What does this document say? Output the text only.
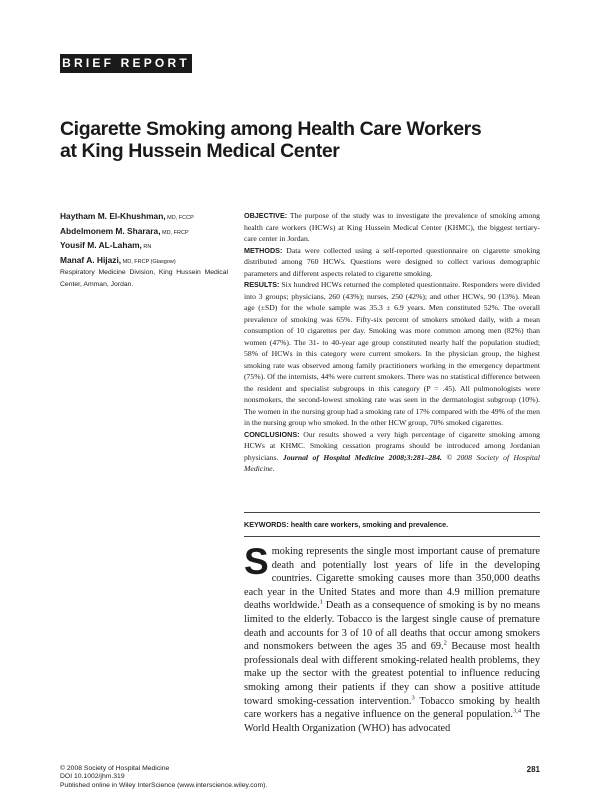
BRIEF REPORT
Cigarette Smoking among Health Care Workers
at King Hussein Medical Center
Haytham M. El-Khushman, MD, FCCP
Abdelmonem M. Sharara, MD, FRCP
Yousif M. AL-Laham, RN
Manaf A. Hijazi, MD, FRCP (Glasgow)
Respiratory Medicine Division, King Hussein Medical Center, Amman, Jordan.

OBJECTIVE: The purpose of the study was to investigate the prevalence of smoking among health care workers (HCWs) at King Hussein Medical Center (KHMC), the biggest tertiary-care center in Jordan.

METHODS: Data were collected using a self-reported questionnaire on cigarette smoking distributed among 760 HCWs. Questions were designed to collect various demographic parameters and different aspects related to cigarette smoking.

RESULTS: Six hundred HCWs returned the completed questionnaire. Responders were divided into 3 groups; physicians, 260 (43%); nurses, 250 (42%); and other HCWs, 90 (13%). Mean age (±SD) for the whole sample was 35.3 ± 6.9 years. Men constituted 52%. The overall prevalence of smoking was 65%. Fifty-six percent of smokers smoked daily, with a mean consumption of 10 cigarettes per day. Smoking was more common among men (82%) than women (47%). The 31- to 40-year age group constituted nearly half the population studied; 58% of HCWs in this category were current smokers. In the physician group, the highest smoking rate was observed among family practitioners working in the emergency department (75%). Of the internists, 44% were current smokers. There was no statistical difference between the resident and specialist subgroups in this category (P = .45). All pulmonologists were nonsmokers, the second-lowest smoking rate was seen in the dermatologist subgroup (10%). The women in the nursing group had a smoking rate of 17% compared with the 49% of the men in the nursing group who smoked. In the other HCW group, 70% smoked cigarettes.

CONCLUSIONS: Our results showed a very high percentage of cigarette smoking among HCWs at KHMC. Smoking cessation programs should be introduced among Jordanian physicians. Journal of Hospital Medicine 2008;3:281–284. © 2008 Society of Hospital Medicine.

KEYWORDS: health care workers, smoking and prevalence.

Smoking represents the single most important cause of premature death and potentially lost years of life in the developing countries. Cigarette smoking causes more than 350,000 deaths each year in the United States and more than 4.9 million premature deaths worldwide.$^1$ Death as a consequence of smoking is by no means limited to the elderly. Tobacco is the largest single cause of premature death and accounts for 3 of 10 of all deaths that occur among smokers and nonsmokers between the ages 35 and 69.$^2$ Because most health professionals deal with different smoking-related health problems, they make up the sector with the greatest potential to influence reducing smoking among their patients if they can show a positive attitude toward smoking-cessation intervention.$^3$ Tobacco smoking by health care workers has a negative influence on the general population.$^{3,4}$ The World Health Organization (WHO) has advocated

© 2008 Society of Hospital Medicine
DOI 10.1002/jhm.319
Published online in Wiley InterScience (www.interscience.wiley.com).
281
